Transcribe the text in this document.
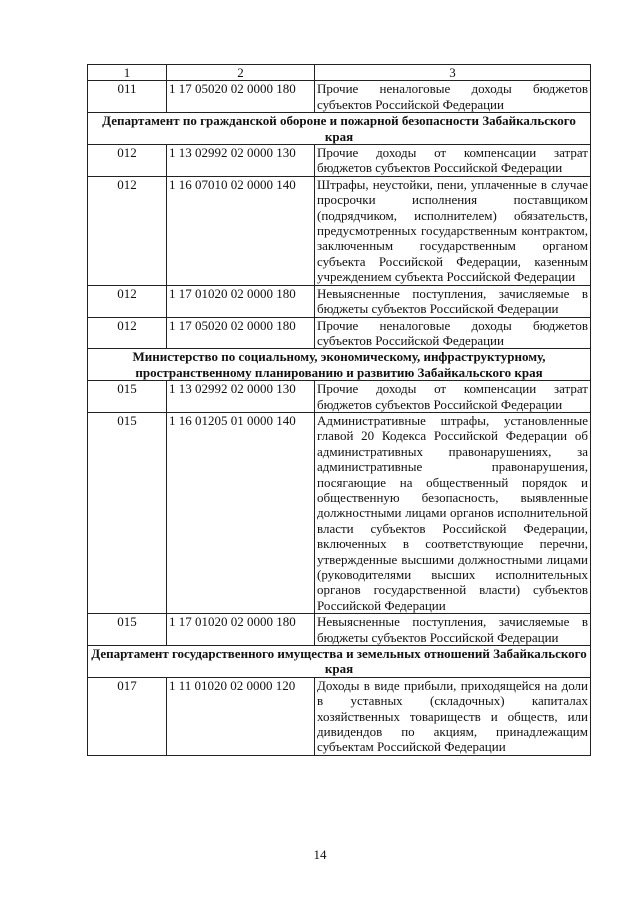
1	2	3
011	1 17 05020 02 0000 180	Прочие неналоговые доходы бюджетов субъектов Российской Федерации
Департамент по гражданской обороне и пожарной безопасности Забайкальского края		
012	1 13 02992 02 0000 130	Прочие доходы от компенсации затрат бюджетов субъектов Российской Федерации
012	1 16 07010 02 0000 140	Штрафы, неустойки, пени, уплаченные в случае просрочки исполнения поставщиком (подрядчиком, исполнителем) обязательств, предусмотренных государственным контрактом, заключенным государственным органом субъекта Российской Федерации, казенным учреждением субъекта Российской Федерации
012	1 17 01020 02 0000 180	Невыясненные поступления, зачисляемые в бюджеты субъектов Российской Федерации
012	1 17 05020 02 0000 180	Прочие неналоговые доходы бюджетов субъектов Российской Федерации
Министерство по социальному, экономическому, инфраструктурному, пространственному планированию и развитию Забайкальского края		
015	1 13 02992 02 0000 130	Прочие доходы от компенсации затрат бюджетов субъектов Российской Федерации
015	1 16 01205 01 0000 140	Административные штрафы, установленные главой 20 Кодекса Российской Федерации об административных правонарушениях, за административные правонарушения, посягающие на общественный порядок и общественную безопасность, выявленные должностными лицами органов исполнительной власти субъектов Российской Федерации, включенных в соответствующие перечни, утвержденные высшими должностными лицами (руководителями высших исполнительных органов государственной власти) субъектов Российской Федерации
015	1 17 01020 02 0000 180	Невыясненные поступления, зачисляемые в бюджеты субъектов Российской Федерации
Департамент государственного имущества и земельных отношений Забайкальского края		
017	1 11 01020 02 0000 120	Доходы в виде прибыли, приходящейся на доли в уставных (складочных) капиталах хозяйственных товариществ и обществ, или дивидендов по акциям, принадлежащим субъектам Российской Федерации
14
